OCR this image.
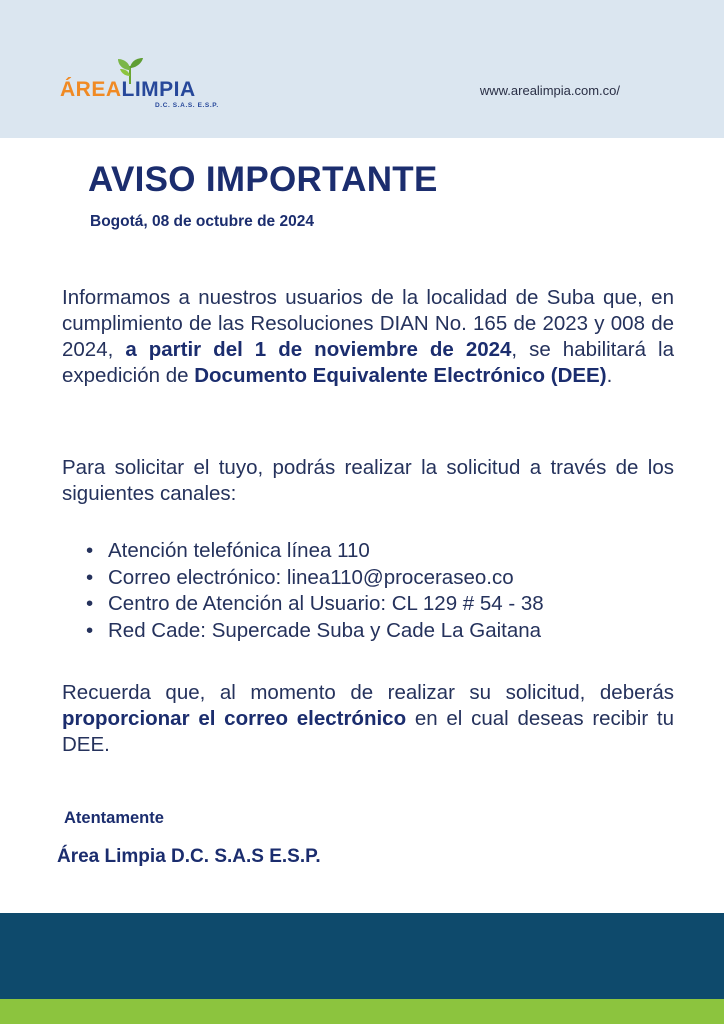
ÁREALIMPIA
D.C. S.A.S. E.S.P.
www.arealimpia.com.co/
AVISO IMPORTANTE
Bogotá, 08 de octubre de 2024

Informamos a nuestros usuarios de la localidad de Suba que, en cumplimiento de las Resoluciones DIAN No. 165 de 2023 y 008 de 2024, a partir del 1 de noviembre de 2024, se habilitará la expedición de Documento Equivalente Electrónico (DEE).

Para solicitar el tuyo, podrás realizar la solicitud a través de los siguientes canales:

• Atención telefónica línea 110
• Correo electrónico: linea110@proceraseo.co
• Centro de Atención al Usuario: CL 129 # 54 - 38
• Red Cade: Supercade Suba y Cade La Gaitana

Recuerda que, al momento de realizar su solicitud, deberás proporcionar el correo electrónico en el cual deseas recibir tu DEE.

Atentamente
Área Limpia D.C. S.A.S E.S.P.
